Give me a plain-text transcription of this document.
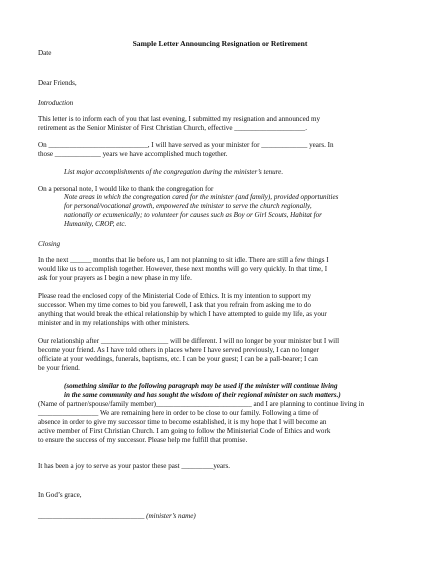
Sample Letter Announcing Resignation or Retirement
Date
Dear Friends,
Introduction
This letter is to inform each of you that last evening, I submitted my resignation and announced my
retirement as the Senior Minister of First Christian Church, effective ____________________.
On ____________________________, I will have served as your minister for _____________ years. In
those _____________ years we have accomplished much together.
List major accomplishments of the congregation during the minister’s tenure.
On a personal note, I would like to thank the congregation for
Note areas in which the congregation cared for the minister (and family), provided opportunities
for personal/vocational growth, empowered the minister to serve the church regionally,
nationally or ecumenically; to volunteer for causes such as Boy or Girl Scouts, Habitat for
Humanity, CROP, etc.
Closing
In the next ______ months that lie before us, I am not planning to sit idle. There are still a few things I
would like us to accomplish together. However, these next months will go very quickly. In that time, I
ask for your prayers as I begin a new phase in my life.
Please read the enclosed copy of the Ministerial Code of Ethics. It is my intention to support my
successor. When my time comes to bid you farewell, I ask that you refrain from asking me to do
anything that would break the ethical relationship by which I have attempted to guide my life, as your
minister and in my relationships with other ministers.
Our relationship after ___________________ will be different. I will no longer be your minister but I will
become your friend. As I have told others in places where I have served previously, I can no longer
officiate at your weddings, funerals, baptisms, etc. I can be your guest; I can be a pall-bearer; I can
be your friend.
(something similar to the following paragraph may be used if the minister will continue living
in the same community and has sought the wisdom of their regional minister on such matters.)
(Name of partner/spouse/family member)___________________________ and I are planning to continue living in
_________________ We are remaining here in order to be close to our family. Following a time of
absence in order to give my successor time to become established, it is my hope that I will become an
active member of First Christian Church. I am going to follow the Ministerial Code of Ethics and work
to ensure the success of my successor. Please help me fulfill that promise.
It has been a joy to serve as your pastor these past _________years.
In God’s grace,
______________________________ (minister’s name)
